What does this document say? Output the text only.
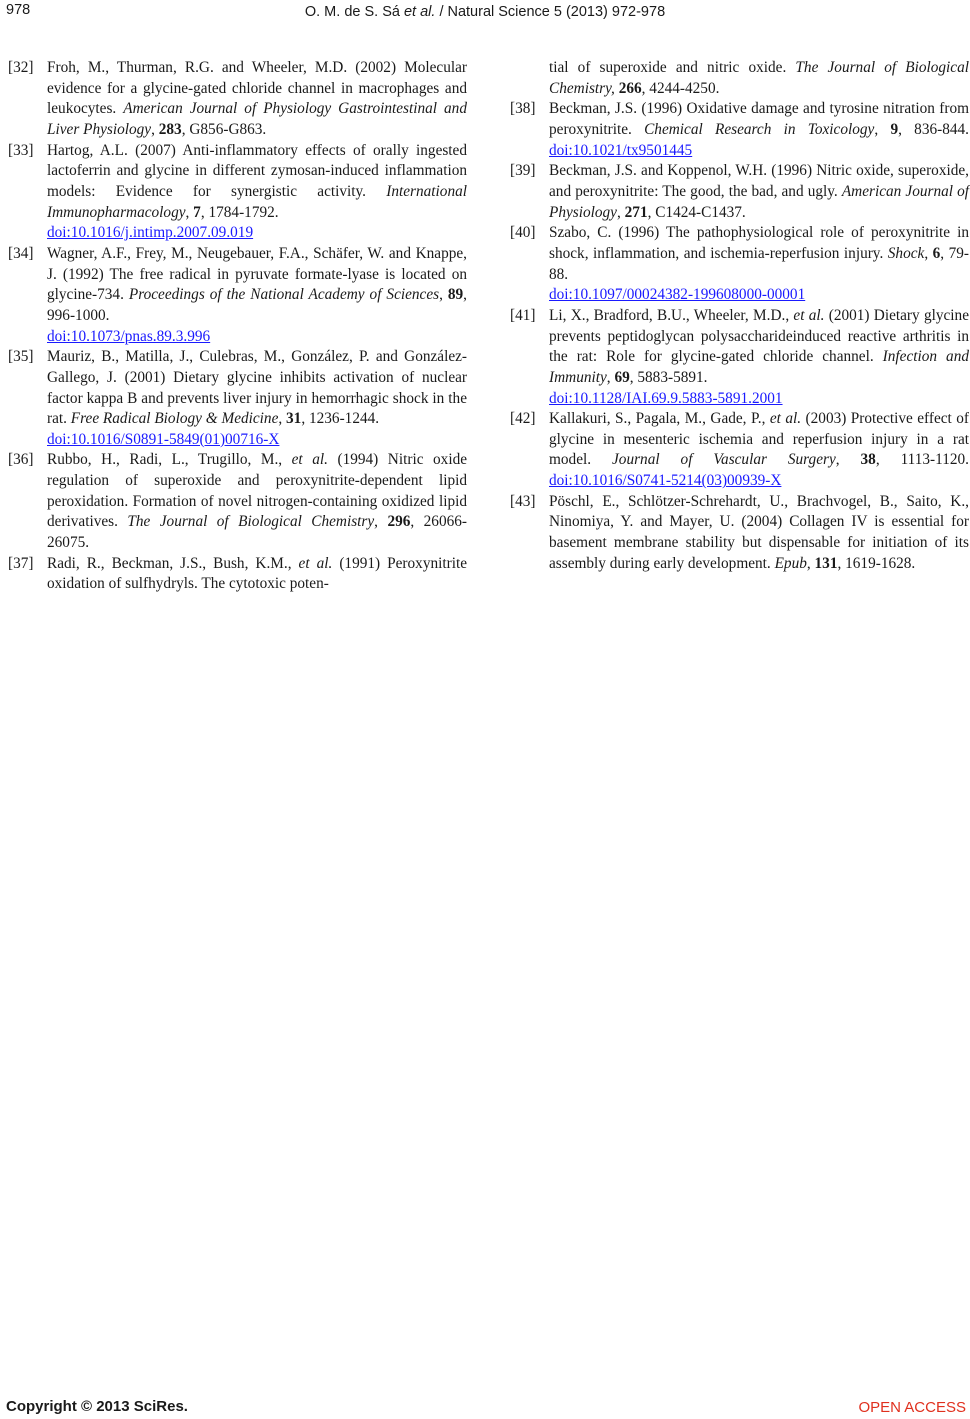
978	O. M. de S. Sá et al. / Natural Science 5 (2013) 972-978
[32] Froh, M., Thurman, R.G. and Wheeler, M.D. (2002) Molecular evidence for a glycine-gated chloride channel in macrophages and leukocytes. American Journal of Physiology Gastrointestinal and Liver Physiology, 283, G856-G863.
[33] Hartog, A.L. (2007) Anti-inflammatory effects of orally ingested lactoferrin and glycine in different zymosan-induced inflammation models: Evidence for synergistic activity. International Immunopharmacology, 7, 1784-1792.
doi:10.1016/j.intimp.2007.09.019
[34] Wagner, A.F., Frey, M., Neugebauer, F.A., Schäfer, W. and Knappe, J. (1992) The free radical in pyruvate formate-lyase is located on glycine-734. Proceedings of the National Academy of Sciences, 89, 996-1000.
doi:10.1073/pnas.89.3.996
[35] Mauriz, B., Matilla, J., Culebras, M., González, P. and González-Gallego, J. (2001) Dietary glycine inhibits activation of nuclear factor kappa B and prevents liver injury in hemorrhagic shock in the rat. Free Radical Biology & Medicine, 31, 1236-1244.
doi:10.1016/S0891-5849(01)00716-X
[36] Rubbo, H., Radi, L., Trugillo, M., et al. (1994) Nitric oxide regulation of superoxide and peroxynitrite-dependent lipid peroxidation. Formation of novel nitrogen-containing oxidized lipid derivatives. The Journal of Biological Chemistry, 296, 26066-26075.
[37] Radi, R., Beckman, J.S., Bush, K.M., et al. (1991) Peroxynitrite oxidation of sulfhydryls. The cytotoxic poten-
tial of superoxide and nitric oxide. The Journal of Biological Chemistry, 266, 4244-4250.
[38] Beckman, J.S. (1996) Oxidative damage and tyrosine nitration from peroxynitrite. Chemical Research in Toxicology, 9, 836-844. doi:10.1021/tx9501445
[39] Beckman, J.S. and Koppenol, W.H. (1996) Nitric oxide, superoxide, and peroxynitrite: The good, the bad, and ugly. American Journal of Physiology, 271, C1424-C1437.
[40] Szabo, C. (1996) The pathophysiological role of peroxynitrite in shock, inflammation, and ischemia-reperfusion injury. Shock, 6, 79-88.
doi:10.1097/00024382-199608000-00001
[41] Li, X., Bradford, B.U., Wheeler, M.D., et al. (2001) Dietary glycine prevents peptidoglycan polysaccharideinduced reactive arthritis in the rat: Role for glycine-gated chloride channel. Infection and Immunity, 69, 5883-5891.
doi:10.1128/IAI.69.9.5883-5891.2001
[42] Kallakuri, S., Pagala, M., Gade, P., et al. (2003) Protective effect of glycine in mesenteric ischemia and reperfusion injury in a rat model. Journal of Vascular Surgery, 38, 1113-1120. doi:10.1016/S0741-5214(03)00939-X
[43] Pöschl, E., Schlötzer-Schrehardt, U., Brachvogel, B., Saito, K., Ninomiya, Y. and Mayer, U. (2004) Collagen IV is essential for basement membrane stability but dispensable for initiation of its assembly during early development. Epub, 131, 1619-1628.
Copyright © 2013 SciRes.	OPEN ACCESS
